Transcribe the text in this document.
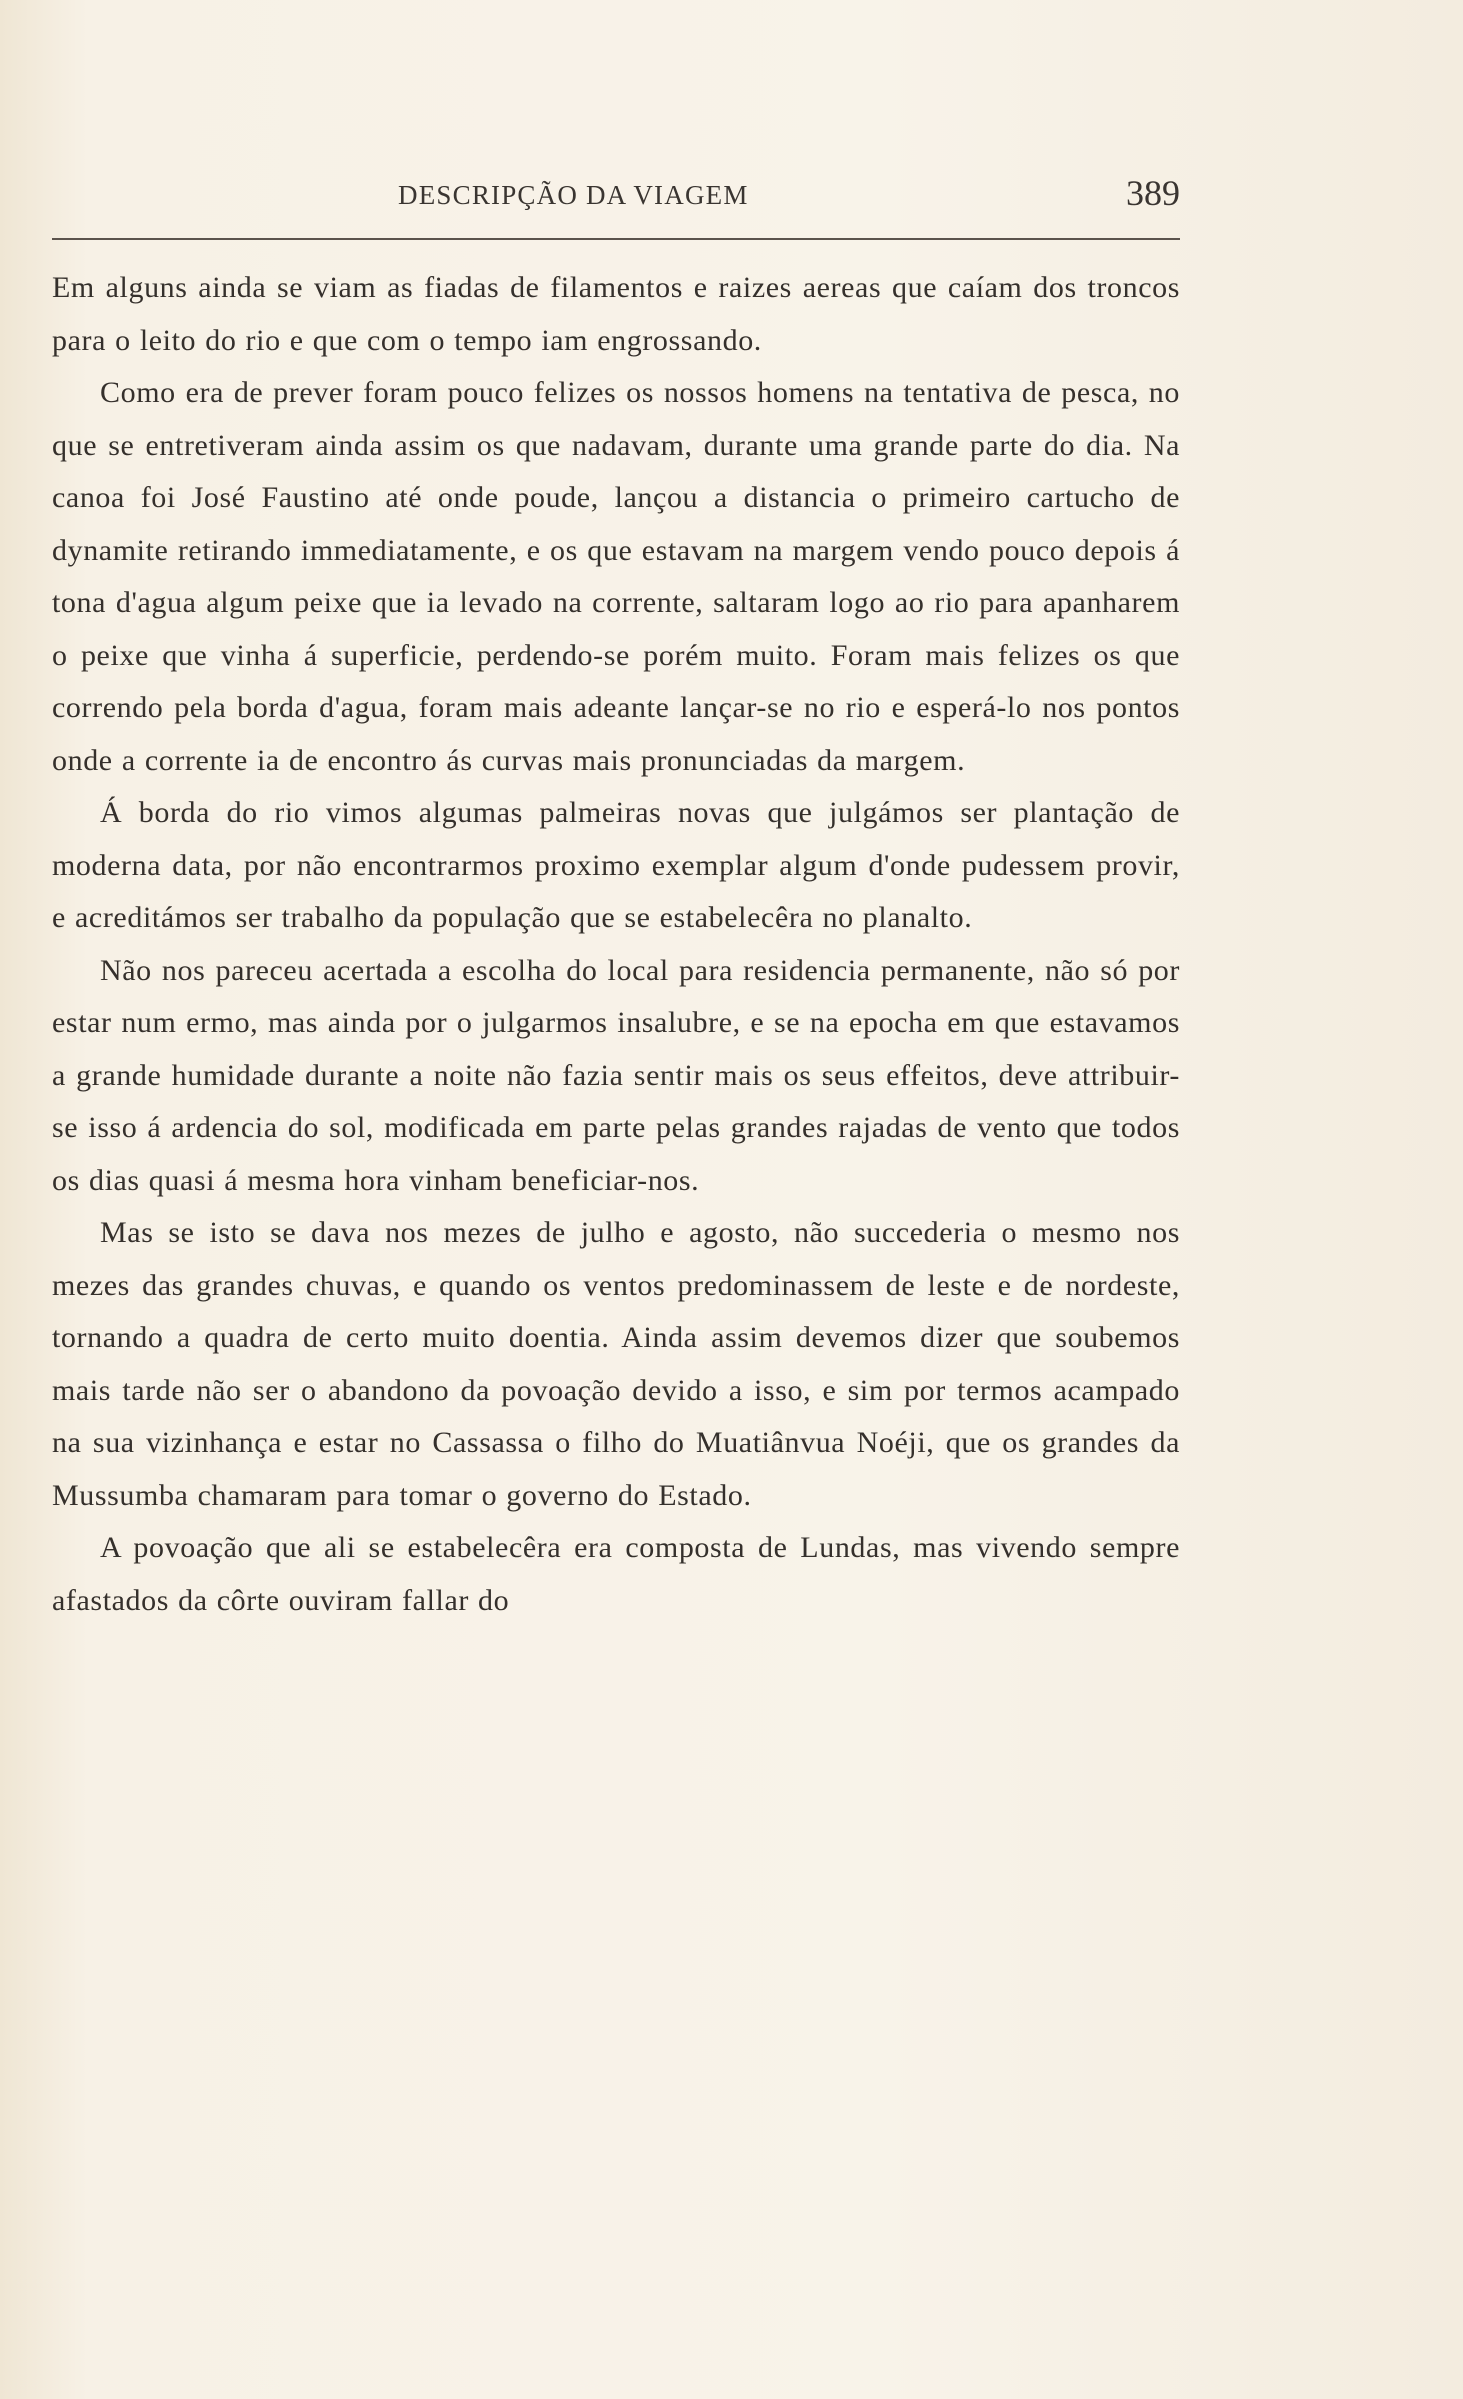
DESCRIPÇÃO DA VIAGEM	389

Em alguns ainda se viam as fiadas de filamentos e raizes aereas que caíam dos troncos para o leito do rio e que com o tempo iam engrossando.

Como era de prever foram pouco felizes os nossos homens na tentativa de pesca, no que se entretiveram ainda assim os que nadavam, durante uma grande parte do dia. Na canoa foi José Faustino até onde poude, lançou a distancia o primeiro cartucho de dynamite retirando immediatamente, e os que estavam na margem vendo pouco depois á tona d'agua algum peixe que ia levado na corrente, saltaram logo ao rio para apanharem o peixe que vinha á superficie, perdendo-se porém muito. Foram mais felizes os que correndo pela borda d'agua, foram mais adeante lançar-se no rio e esperá-lo nos pontos onde a corrente ia de encontro ás curvas mais pronunciadas da margem.

Á borda do rio vimos algumas palmeiras novas que julgámos ser plantação de moderna data, por não encontrarmos proximo exemplar algum d'onde pudessem provir, e acreditámos ser trabalho da população que se estabelecêra no planalto.

Não nos pareceu acertada a escolha do local para residencia permanente, não só por estar num ermo, mas ainda por o julgarmos insalubre, e se na epocha em que estavamos a grande humidade durante a noite não fazia sentir mais os seus effeitos, deve attribuir-se isso á ardencia do sol, modificada em parte pelas grandes rajadas de vento que todos os dias quasi á mesma hora vinham beneficiar-nos.

Mas se isto se dava nos mezes de julho e agosto, não succederia o mesmo nos mezes das grandes chuvas, e quando os ventos predominassem de leste e de nordeste, tornando a quadra de certo muito doentia. Ainda assim devemos dizer que soubemos mais tarde não ser o abandono da povoação devido a isso, e sim por termos acampado na sua vizinhança e estar no Cassassa o filho do Muatiânvua Noéji, que os grandes da Mussumba chamaram para tomar o governo do Estado.

A povoação que ali se estabelecêra era composta de Lundas, mas vivendo sempre afastados da côrte ouviram fallar do
